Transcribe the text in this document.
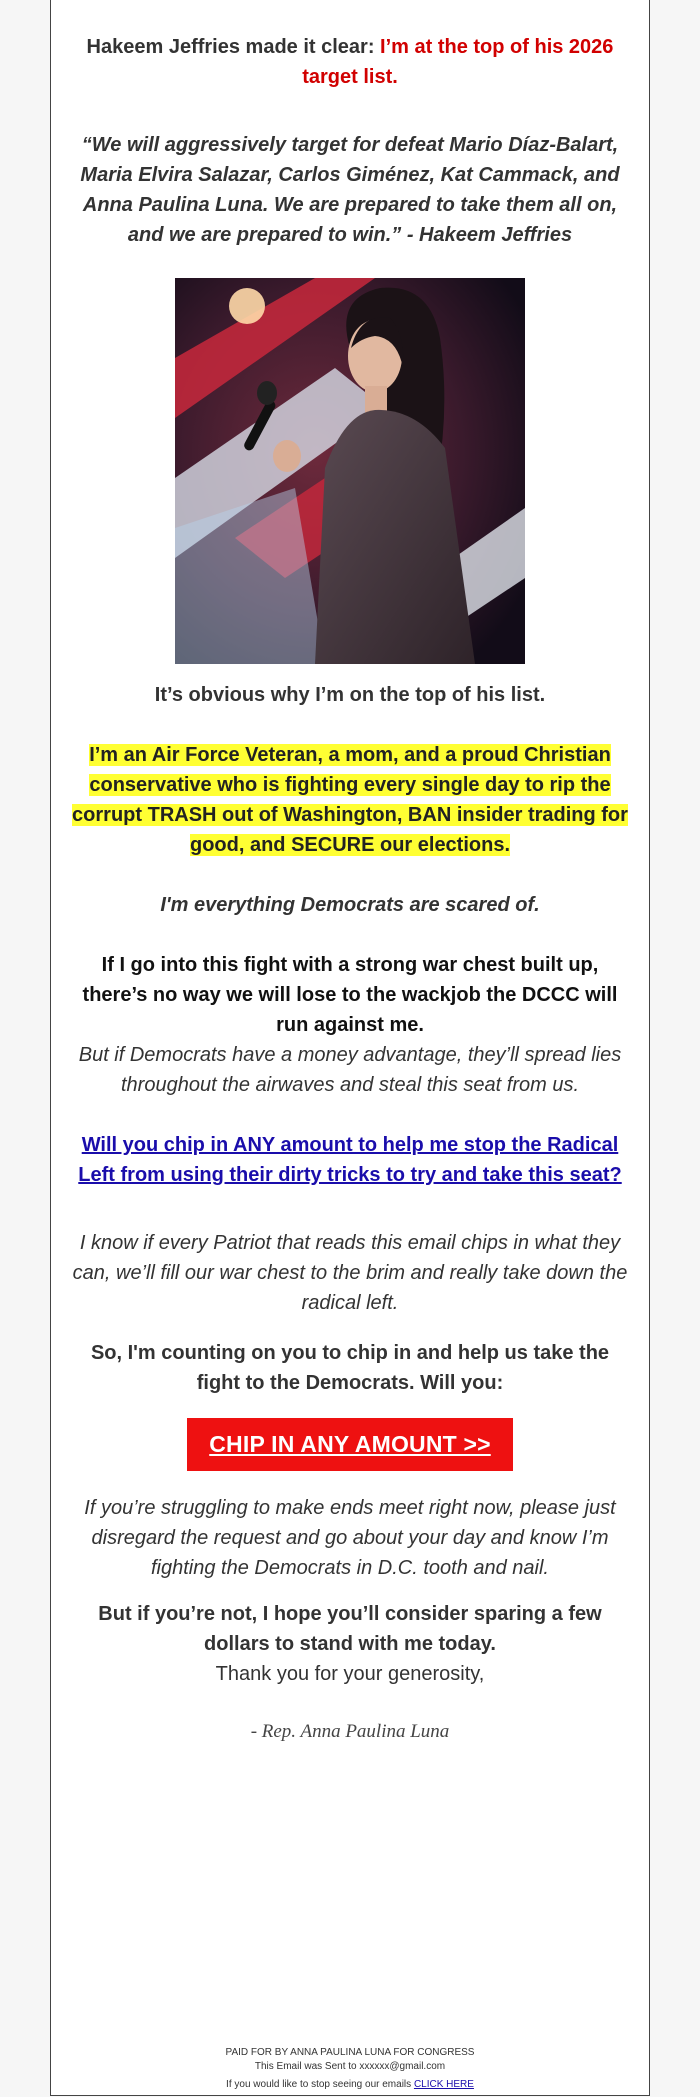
Hakeem Jeffries made it clear: I’m at the top of his 2026 target list.

“We will aggressively target for defeat Mario Díaz-Balart, Maria Elvira Salazar, Carlos Giménez, Kat Cammack, and Anna Paulina Luna. We are prepared to take them all on, and we are prepared to win.” - Hakeem Jeffries

It’s obvious why I’m on the top of his list.

I’m an Air Force Veteran, a mom, and a proud Christian conservative who is fighting every single day to rip the corrupt TRASH out of Washington, BAN insider trading for good, and SECURE our elections.

I'm everything Democrats are scared of.

If I go into this fight with a strong war chest built up, there’s no way we will lose to the wackjob the DCCC will run against me.

But if Democrats have a money advantage, they’ll spread lies throughout the airwaves and steal this seat from us.

Will you chip in ANY amount to help me stop the Radical Left from using their dirty tricks to try and take this seat?

I know if every Patriot that reads this email chips in what they can, we’ll fill our war chest to the brim and really take down the radical left.

So, I'm counting on you to chip in and help us take the fight to the Democrats. Will you:

CHIP IN ANY AMOUNT >>

If you’re struggling to make ends meet right now, please just disregard the request and go about your day and know I’m fighting the Democrats in D.C. tooth and nail.

But if you’re not, I hope you’ll consider sparing a few dollars to stand with me today.

Thank you for your generosity,

- Rep. Anna Paulina Luna

PAID FOR BY ANNA PAULINA LUNA FOR CONGRESS
This Email was Sent to xxxxxx@gmail.com
If you would like to stop seeing our emails CLICK HERE
